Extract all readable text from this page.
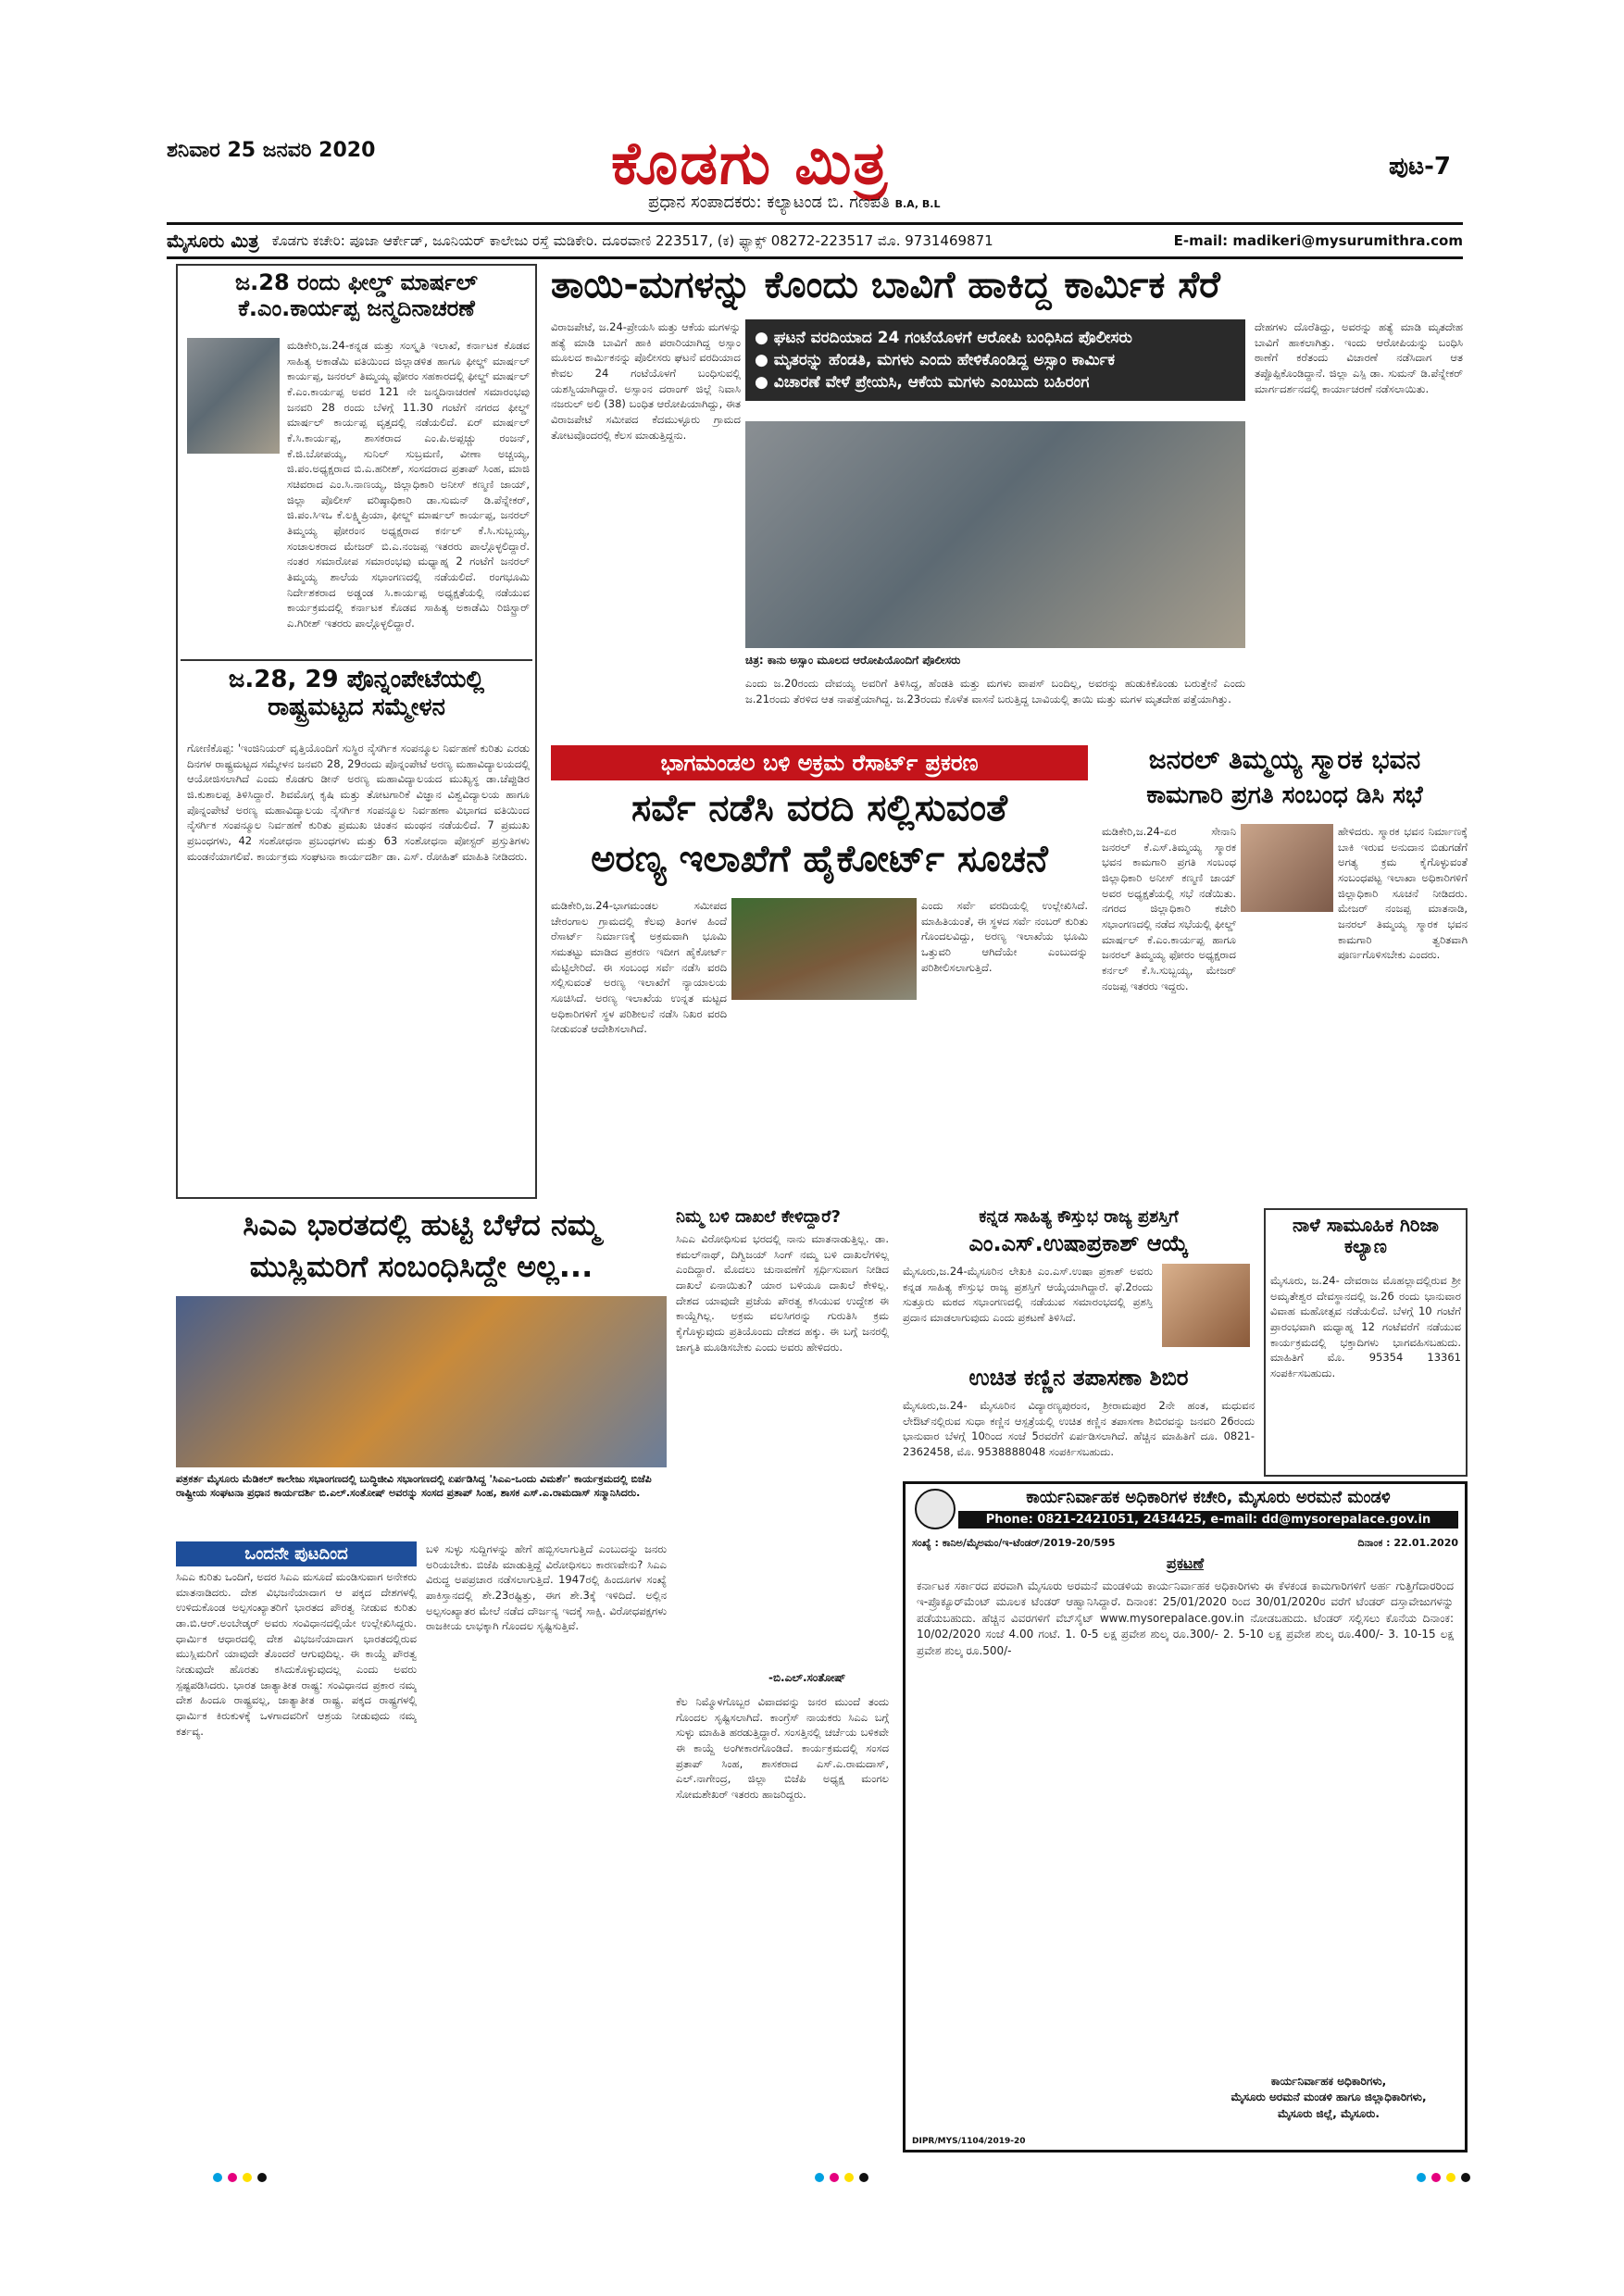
ಶನಿವಾರ 25 ಜನವರಿ 2020	ಕೊಡಗು ಮಿತ್ರ	ಪುಟ-7
ಪ್ರಧಾನ ಸಂಪಾದಕರು: ಕಲ್ಯಾಟಂಡ ಬಿ. ಗಣಪತಿ B.A, B.L
ಮೈಸೂರು ಮಿತ್ರ ಕೊಡಗು ಕಚೇರಿ: ಪೂಜಾ ಆರ್ಕೇಡ್, ಜೂನಿಯರ್ ಕಾಲೇಜು ರಸ್ತೆ ಮಡಿಕೇರಿ. ದೂರವಾಣಿ 223517, (ಕ) ಫ್ಯಾಕ್ಸ್ 08272-223517 ಮೊ. 9731469871	E-mail: madikeri@mysurumithra.com
ಜ.28 ರಂದು ಫೀಲ್ಡ್ ಮಾರ್ಷಲ್ ಕೆ.ಎಂ.ಕಾರ್ಯಪ್ಪ ಜನ್ಮದಿನಾಚರಣೆ
ಮಡಿಕೇರಿ,ಜ.24-ಕನ್ನಡ ಮತ್ತು ಸಂಸ್ಕೃತಿ ಇಲಾಖೆ, ಕರ್ನಾಟಕ ಕೊಡವ ಸಾಹಿತ್ಯ ಅಕಾಡೆಮಿ ವತಿಯಿಂದ ಜಿಲ್ಲಾಡಳಿತ ಹಾಗೂ ಫೀಲ್ಡ್ ಮಾರ್ಷಲ್ ಕಾರ್ಯಪ್ಪ, ಜನರಲ್ ತಿಮ್ಮಯ್ಯ ಫೋರಂ ಸಹಕಾರದಲ್ಲಿ ಫೀಲ್ಡ್ ಮಾರ್ಷಲ್ ಕೆ.ಎಂ.ಕಾರ್ಯಪ್ಪ ಅವರ 121 ನೇ ಜನ್ಮದಿನಾಚರಣೆ ಸಮಾರಂಭವು ಜನವರಿ 28 ರಂದು ಬೆಳಗ್ಗೆ 11.30 ಗಂಟೆಗೆ ನಗರದ ಫೀಲ್ಡ್ ಮಾರ್ಷಲ್ ಕಾರ್ಯಪ್ಪ ವೃತ್ತದಲ್ಲಿ ನಡೆಯಲಿದೆ. ಏರ್ ಮಾರ್ಷಲ್ ಕೆ.ಸಿ.ಕಾರ್ಯಪ್ಪ, ಶಾಸಕರಾದ ಎಂ.ಪಿ.ಅಪ್ಪಚ್ಚು ರಂಜನ್, ಕೆ.ಜಿ.ಬೋಪಯ್ಯ, ಸುನಿಲ್ ಸುಬ್ರಮಣಿ, ವೀಣಾ ಅಚ್ಚಯ್ಯ, ಜಿ.ಪಂ.ಅಧ್ಯಕ್ಷರಾದ ಬಿ.ಎ.ಹರೀಶ್, ಸಂಸದರಾದ ಪ್ರತಾಪ್ ಸಿಂಹ, ಮಾಜಿ ಸಚಿವರಾದ ಎಂ.ಸಿ.ನಾಣಯ್ಯ, ಜಿಲ್ಲಾಧಿಕಾರಿ ಅನೀಸ್ ಕಣ್ಮಣಿ ಜಾಯ್, ಜಿಲ್ಲಾ ಪೊಲೀಸ್ ವರಿಷ್ಠಾಧಿಕಾರಿ ಡಾ.ಸುಮನ್ ಡಿ.ಪೆನ್ನೇಕರ್, ಜಿ.ಪಂ.ಸಿಇಒ ಕೆ.ಲಕ್ಷ್ಮಿಪ್ರಿಯಾ, ಫೀಲ್ಡ್ ಮಾರ್ಷಲ್ ಕಾರ್ಯಪ್ಪ, ಜನರಲ್ ತಿಮ್ಮಯ್ಯ ಫೋರಂನ ಅಧ್ಯಕ್ಷರಾದ ಕರ್ನಲ್ ಕೆ.ಸಿ.ಸುಬ್ಬಯ್ಯ, ಸಂಚಾಲಕರಾದ ಮೇಜರ್ ಬಿ.ಎ.ನಂಜಪ್ಪ ಇತರರು ಪಾಲ್ಗೊಳ್ಳಲಿದ್ದಾರೆ. ನಂತರ ಸಮಾರೋಪ ಸಮಾರಂಭವು ಮಧ್ಯಾಹ್ನ 2 ಗಂಟೆಗೆ ಜನರಲ್ ತಿಮ್ಮಯ್ಯ ಶಾಲೆಯ ಸಭಾಂಗಣದಲ್ಲಿ ನಡೆಯಲಿದೆ. ರಂಗಭೂಮಿ ನಿರ್ದೇಶಕರಾದ ಅಡ್ಡಂಡ ಸಿ.ಕಾರ್ಯಪ್ಪ ಅಧ್ಯಕ್ಷತೆಯಲ್ಲಿ ನಡೆಯುವ ಕಾರ್ಯಕ್ರಮದಲ್ಲಿ ಕರ್ನಾಟಕ ಕೊಡವ ಸಾಹಿತ್ಯ ಅಕಾಡೆಮಿ ರಿಜಿಸ್ಟ್ರಾರ್ ಎ.ಗಿರೀಶ್ ಇತರರು ಪಾಲ್ಗೊಳ್ಳಲಿದ್ದಾರೆ.
ಜ.28, 29 ಪೊನ್ನಂಪೇಟೆಯಲ್ಲಿ ರಾಷ್ಟ್ರಮಟ್ಟದ ಸಮ್ಮೇಳನ
ಗೋಣಿಕೊಪ್ಪ: 'ಇಂಜಿನಿಯರ್ ವೃತ್ತಿಯೊಂದಿಗೆ ಸುಸ್ಥಿರ ನೈಸರ್ಗಿಕ ಸಂಪನ್ಮೂಲ ನಿರ್ವಹಣೆ ಕುರಿತು ಎರಡು ದಿನಗಳ ರಾಷ್ಟ್ರಮಟ್ಟದ ಸಮ್ಮೇಳನ ಜನವರಿ 28, 29ರಂದು ಪೊನ್ನಂಪೇಟೆ ಅರಣ್ಯ ಮಹಾವಿದ್ಯಾಲಯದಲ್ಲಿ ಆಯೋಜಿಸಲಾಗಿದೆ ಎಂದು ಕೊಡಗು ಡೀನ್ ಅರಣ್ಯ ಮಹಾವಿದ್ಯಾಲಯದ ಮುಖ್ಯಸ್ಥ ಡಾ.ಚೆಪ್ಪುಡಿರ ಜಿ.ಕುಶಾಲಪ್ಪ ತಿಳಿಸಿದ್ದಾರೆ. ಶಿವಮೊಗ್ಗ ಕೃಷಿ ಮತ್ತು ತೋಟಗಾರಿಕೆ ವಿಜ್ಞಾನ ವಿಶ್ವವಿದ್ಯಾಲಯ ಹಾಗೂ ಪೊನ್ನಂಪೇಟೆ ಅರಣ್ಯ ಮಹಾವಿದ್ಯಾಲಯ ನೈಸರ್ಗಿಕ ಸಂಪನ್ಮೂಲ ನಿರ್ವಹಣಾ ವಿಭಾಗದ ವತಿಯಿಂದ ನೈಸರ್ಗಿಕ ಸಂಪನ್ಮೂಲ ನಿರ್ವಹಣೆ ಕುರಿತು ಪ್ರಮುಖ ಚಿಂತನ ಮಂಥನ ನಡೆಯಲಿದೆ. 7 ಪ್ರಮುಖ ಪ್ರಬಂಧಗಳು, 42 ಸಂಶೋಧನಾ ಪ್ರಬಂಧಗಳು ಮತ್ತು 63 ಸಂಶೋಧನಾ ಪೋಸ್ಟರ್ ಪ್ರಸ್ತುತಿಗಳು ಮಂಡನೆಯಾಗಲಿವೆ. ಕಾರ್ಯಕ್ರಮ ಸಂಘಟನಾ ಕಾರ್ಯದರ್ಶಿ ಡಾ. ಎಸ್. ರೋಹಿತ್ ಮಾಹಿತಿ ನೀಡಿದರು.
ತಾಯಿ-ಮಗಳನ್ನು ಕೊಂದು ಬಾವಿಗೆ ಹಾಕಿದ್ದ ಕಾರ್ಮಿಕ ಸೆರೆ
ವಿರಾಜಪೇಟೆ, ಜ.24-ಪ್ರೇಯಸಿ ಮತ್ತು ಆಕೆಯ ಮಗಳನ್ನು ಹತ್ಯೆ ಮಾಡಿ ಬಾವಿಗೆ ಹಾಕಿ ಪರಾರಿಯಾಗಿದ್ದ ಅಸ್ಸಾಂ ಮೂಲದ ಕಾರ್ಮಿಕನನ್ನು ಪೊಲೀಸರು ಘಟನೆ ವರದಿಯಾದ ಕೇವಲ 24 ಗಂಟೆಯೊಳಗೆ ಬಂಧಿಸುವಲ್ಲಿ ಯಶಸ್ವಿಯಾಗಿದ್ದಾರೆ. ಅಸ್ಸಾಂನ ದರಾಂಗ್ ಜಿಲ್ಲೆ ನಿವಾಸಿ ನಜರುಲ್ ಅಲಿ (38) ಬಂಧಿತ ಆರೋಪಿಯಾಗಿದ್ದು, ಈತ ವಿರಾಜಪೇಟೆ ಸಮೀಪದ ಕೆದಮುಳ್ಳೂರು ಗ್ರಾಮದ ತೋಟವೊಂದರಲ್ಲಿ ಕೆಲಸ ಮಾಡುತ್ತಿದ್ದನು.
● ಘಟನೆ ವರದಿಯಾದ 24 ಗಂಟೆಯೊಳಗೆ ಆರೋಪಿ ಬಂಧಿಸಿದ ಪೊಲೀಸರು
● ಮೃತರನ್ನು ಹೆಂಡತಿ, ಮಗಳು ಎಂದು ಹೇಳಿಕೊಂಡಿದ್ದ ಅಸ್ಸಾಂ ಕಾರ್ಮಿಕ
● ವಿಚಾರಣೆ ವೇಳೆ ಪ್ರೇಯಸಿ, ಆಕೆಯ ಮಗಳು ಎಂಬುದು ಬಹಿರಂಗ
ದೇಹಗಳು ದೊರೆತಿದ್ದು, ಅವರನ್ನು ಹತ್ಯೆ ಮಾಡಿ ಮೃತದೇಹ ಬಾವಿಗೆ ಹಾಕಲಾಗಿತ್ತು. ಇಂದು ಆರೋಪಿಯನ್ನು ಬಂಧಿಸಿ ಠಾಣೆಗೆ ಕರೆತಂದು ವಿಚಾರಣೆ ನಡೆಸಿದಾಗ ಆತ ತಪ್ಪೊಪ್ಪಿಕೊಂಡಿದ್ದಾನೆ. ಜಿಲ್ಲಾ ಎಸ್ಪಿ ಡಾ. ಸುಮನ್ ಡಿ.ಪೆನ್ನೇಕರ್ ಮಾರ್ಗದರ್ಶನದಲ್ಲಿ ಕಾರ್ಯಾಚರಣೆ ನಡೆಸಲಾಯಿತು.
ಚಿತ್ರ: ಕಾನು ಅಸ್ಸಾಂ ಮೂಲದ ಆರೋಪಿಯೊಂದಿಗೆ ಪೊಲೀಸರು
ಎಂದು ಜ.20ರಂದು ದೇವಯ್ಯ ಅವರಿಗೆ ತಿಳಿಸಿದ್ದ, ಹೆಂಡತಿ ಮತ್ತು ಮಗಳು ವಾಪಸ್ ಬಂದಿಲ್ಲ, ಅವರನ್ನು ಹುಡುಕಿಕೊಂಡು ಬರುತ್ತೇನೆ ಎಂದು ಜ.21ರಂದು ತೆರಳಿದ ಆತ ನಾಪತ್ತೆಯಾಗಿದ್ದ. ಜ.23ರಂದು ಕೊಳೆತ ವಾಸನೆ ಬರುತ್ತಿದ್ದ ಬಾವಿಯಲ್ಲಿ ತಾಯಿ ಮತ್ತು ಮಗಳ ಮೃತದೇಹ ಪತ್ತೆಯಾಗಿತ್ತು.
ಭಾಗಮಂಡಲ ಬಳಿ ಅಕ್ರಮ ರೆಸಾರ್ಟ್ ಪ್ರಕರಣ
ಸರ್ವೆ ನಡೆಸಿ ವರದಿ ಸಲ್ಲಿಸುವಂತೆ
ಅರಣ್ಯ ಇಲಾಖೆಗೆ ಹೈಕೋರ್ಟ್ ಸೂಚನೆ
ಮಡಿಕೇರಿ,ಜ.24-ಭಾಗಮಂಡಲ ಸಮೀಪದ ಚೇರಂಗಾಲ ಗ್ರಾಮದಲ್ಲಿ ಕೆಲವು ತಿಂಗಳ ಹಿಂದೆ ರೆಸಾರ್ಟ್ ನಿರ್ಮಾಣಕ್ಕೆ ಅಕ್ರಮವಾಗಿ ಭೂಮಿ ಸಮತಟ್ಟು ಮಾಡಿದ ಪ್ರಕರಣ ಇದೀಗ ಹೈಕೋರ್ಟ್ ಮೆಟ್ಟಿಲೇರಿದೆ. ಈ ಸಂಬಂಧ ಸರ್ವೆ ನಡೆಸಿ ವರದಿ ಸಲ್ಲಿಸುವಂತೆ ಅರಣ್ಯ ಇಲಾಖೆಗೆ ನ್ಯಾಯಾಲಯ ಸೂಚಿಸಿದೆ. ಅರಣ್ಯ ಇಲಾಖೆಯ ಉನ್ನತ ಮಟ್ಟದ ಅಧಿಕಾರಿಗಳಿಗೆ ಸ್ಥಳ ಪರಿಶೀಲನೆ ನಡೆಸಿ ನಿಖರ ವರದಿ ನೀಡುವಂತೆ ಆದೇಶಿಸಲಾಗಿದೆ.
ಎಂದು ಸರ್ವೆ ವರದಿಯಲ್ಲಿ ಉಲ್ಲೇಖಿಸಿದೆ. ಮಾಹಿತಿಯಂತೆ, ಈ ಸ್ಥಳದ ಸರ್ವೆ ನಂಬರ್ ಕುರಿತು ಗೊಂದಲವಿದ್ದು, ಅರಣ್ಯ ಇಲಾಖೆಯ ಭೂಮಿ ಒತ್ತುವರಿ ಆಗಿದೆಯೇ ಎಂಬುದನ್ನು ಪರಿಶೀಲಿಸಲಾಗುತ್ತಿದೆ.
ಜನರಲ್ ತಿಮ್ಮಯ್ಯ ಸ್ಮಾರಕ ಭವನ
ಕಾಮಗಾರಿ ಪ್ರಗತಿ ಸಂಬಂಧ ಡಿಸಿ ಸಭೆ
ಮಡಿಕೇರಿ,ಜ.24-ಏರ ಸೇನಾನಿ ಜನರಲ್ ಕೆ.ಎಸ್.ತಿಮ್ಮಯ್ಯ ಸ್ಮಾರಕ ಭವನ ಕಾಮಗಾರಿ ಪ್ರಗತಿ ಸಂಬಂಧ ಜಿಲ್ಲಾಧಿಕಾರಿ ಅನೀಸ್ ಕಣ್ಮಣಿ ಜಾಯ್ ಅವರ ಅಧ್ಯಕ್ಷತೆಯಲ್ಲಿ ಸಭೆ ನಡೆಯಿತು. ನಗರದ ಜಿಲ್ಲಾಧಿಕಾರಿ ಕಚೇರಿ ಸಭಾಂಗಣದಲ್ಲಿ ನಡೆದ ಸಭೆಯಲ್ಲಿ ಫೀಲ್ಡ್ ಮಾರ್ಷಲ್ ಕೆ.ಎಂ.ಕಾರ್ಯಪ್ಪ ಹಾಗೂ ಜನರಲ್ ತಿಮ್ಮಯ್ಯ ಫೋರಂ ಅಧ್ಯಕ್ಷರಾದ ಕರ್ನಲ್ ಕೆ.ಸಿ.ಸುಬ್ಬಯ್ಯ, ಮೇಜರ್ ನಂಜಪ್ಪ ಇತರರು ಇದ್ದರು.
ಹೇಳಿದರು. ಸ್ಮಾರಕ ಭವನ ನಿರ್ಮಾಣಕ್ಕೆ ಬಾಕಿ ಇರುವ ಅನುದಾನ ಬಿಡುಗಡೆಗೆ ಅಗತ್ಯ ಕ್ರಮ ಕೈಗೊಳ್ಳುವಂತೆ ಸಂಬಂಧಪಟ್ಟ ಇಲಾಖಾ ಅಧಿಕಾರಿಗಳಿಗೆ ಜಿಲ್ಲಾಧಿಕಾರಿ ಸೂಚನೆ ನೀಡಿದರು. ಮೇಜರ್ ನಂಜಪ್ಪ ಮಾತನಾಡಿ, ಜನರಲ್ ತಿಮ್ಮಯ್ಯ ಸ್ಮಾರಕ ಭವನ ಕಾಮಗಾರಿ ತ್ವರಿತವಾಗಿ ಪೂರ್ಣಗೊಳಿಸಬೇಕು ಎಂದರು.
ಸಿಎಎ ಭಾರತದಲ್ಲಿ ಹುಟ್ಟಿ ಬೆಳೆದ ನಮ್ಮ
ಮುಸ್ಲಿಮರಿಗೆ ಸಂಬಂಧಿಸಿದ್ದೇ ಅಲ್ಲ...
ಪತ್ರಕರ್ತ ಮೈಸೂರು ಮೆಡಿಕಲ್ ಕಾಲೇಜು ಸಭಾಂಗಣದಲ್ಲಿ ಬುದ್ಧಿಜೀವಿ ಸಭಾಂಗಣದಲ್ಲಿ ಏರ್ಪಡಿಸಿದ್ದ 'ಸಿಎಎ-ಒಂದು ವಿಮರ್ಶೆ' ಕಾರ್ಯಕ್ರಮದಲ್ಲಿ ಬಿಜೆಪಿ ರಾಷ್ಟ್ರೀಯ ಸಂಘಟನಾ ಪ್ರಧಾನ ಕಾರ್ಯದರ್ಶಿ ಬಿ.ಎಲ್.ಸಂತೋಷ್ ಅವರನ್ನು ಸಂಸದ ಪ್ರತಾಪ್ ಸಿಂಹ, ಶಾಸಕ ಎಸ್.ಎ.ರಾಮದಾಸ್ ಸನ್ಮಾನಿಸಿದರು.
ಒಂದನೇ ಪುಟದಿಂದ
ಸಿಎಎ ಕುರಿತು ಒಂದಿಗೆ, ಅದರ ಸಿಎಎ ಮಸೂದೆ ಮಂಡಿಸುವಾಗ ಅನೇಕರು ಮಾತನಾಡಿದರು. ದೇಶ ವಿಭಜನೆಯಾದಾಗ ಆ ಪಕ್ಕದ ದೇಶಗಳಲ್ಲಿ ಉಳಿದುಕೊಂಡ ಅಲ್ಪಸಂಖ್ಯಾತರಿಗೆ ಭಾರತದ ಪೌರತ್ವ ನೀಡುವ ಕುರಿತು ಡಾ.ಬಿ.ಆರ್.ಅಂಬೇಡ್ಕರ್ ಅವರು ಸಂವಿಧಾನದಲ್ಲಿಯೇ ಉಲ್ಲೇಖಿಸಿದ್ದರು. ಧಾರ್ಮಿಕ ಆಧಾರದಲ್ಲಿ ದೇಶ ವಿಭಜನೆಯಾದಾಗ ಭಾರತದಲ್ಲಿರುವ ಮುಸ್ಲಿಮರಿಗೆ ಯಾವುದೇ ತೊಂದರೆ ಆಗುವುದಿಲ್ಲ. ಈ ಕಾಯ್ದೆ ಪೌರತ್ವ ನೀಡುವುದೇ ಹೊರತು ಕಸಿದುಕೊಳ್ಳುವುದಲ್ಲ ಎಂದು ಅವರು ಸ್ಪಷ್ಟಪಡಿಸಿದರು. ಭಾರತ ಜಾತ್ಯಾತೀತ ರಾಷ್ಟ್ರ: ಸಂವಿಧಾನದ ಪ್ರಕಾರ ನಮ್ಮ ದೇಶ ಹಿಂದೂ ರಾಷ್ಟ್ರವಲ್ಲ, ಜಾತ್ಯಾತೀತ ರಾಷ್ಟ್ರ. ಪಕ್ಕದ ರಾಷ್ಟ್ರಗಳಲ್ಲಿ ಧಾರ್ಮಿಕ ಕಿರುಕುಳಕ್ಕೆ ಒಳಗಾದವರಿಗೆ ಆಶ್ರಯ ನೀಡುವುದು ನಮ್ಮ ಕರ್ತವ್ಯ.
ಬಳಿ ಸುಳ್ಳು ಸುದ್ದಿಗಳನ್ನು ಹೇಗೆ ಹಬ್ಬಿಸಲಾಗುತ್ತಿದೆ ಎಂಬುದನ್ನು ಜನರು ಅರಿಯಬೇಕು. ಬಿಜೆಪಿ ಮಾಡುತ್ತಿದ್ದೆ ವಿರೋಧಿಸಲು ಕಾರಣವೇನು? ಸಿಎಎ ವಿರುದ್ಧ ಅಪಪ್ರಚಾರ ನಡೆಸಲಾಗುತ್ತಿದೆ. 1947ರಲ್ಲಿ ಹಿಂದೂಗಳ ಸಂಖ್ಯೆ ಪಾಕಿಸ್ತಾನದಲ್ಲಿ ಶೇ.23ರಷ್ಟಿತ್ತು, ಈಗ ಶೇ.3ಕ್ಕೆ ಇಳಿದಿದೆ. ಅಲ್ಲಿನ ಅಲ್ಪಸಂಖ್ಯಾತರ ಮೇಲೆ ನಡೆದ ದೌರ್ಜನ್ಯ ಇದಕ್ಕೆ ಸಾಕ್ಷಿ. ವಿರೋಧಪಕ್ಷಗಳು ರಾಜಕೀಯ ಲಾಭಕ್ಕಾಗಿ ಗೊಂದಲ ಸೃಷ್ಟಿಸುತ್ತಿವೆ.
ನಿಮ್ಮ ಬಳಿ ದಾಖಲೆ ಕೇಳಿದ್ದಾರೆ?
ಸಿಎಎ ವಿರೋಧಿಸುವ ಭರದಲ್ಲಿ ನಾನು ಮಾತನಾಡುತ್ತಿಲ್ಲ. ಡಾ. ಕಮಲ್‌ನಾಥ್, ದಿಗ್ವಿಜಯ್ ಸಿಂಗ್ ನಮ್ಮ ಬಳಿ ದಾಖಲೆಗಳಿಲ್ಲ ಎಂದಿದ್ದಾರೆ. ಮೊದಲು ಚುನಾವಣೆಗೆ ಸ್ಪರ್ಧಿಸುವಾಗ ನೀಡಿದ ದಾಖಲೆ ಏನಾಯಿತು? ಯಾರ ಬಳಿಯೂ ದಾಖಲೆ ಕೇಳಿಲ್ಲ. ದೇಶದ ಯಾವುದೇ ಪ್ರಜೆಯ ಪೌರತ್ವ ಕಸಿಯುವ ಉದ್ದೇಶ ಈ ಕಾಯ್ದೆಗಿಲ್ಲ. ಅಕ್ರಮ ವಲಸಿಗರನ್ನು ಗುರುತಿಸಿ ಕ್ರಮ ಕೈಗೊಳ್ಳುವುದು ಪ್ರತಿಯೊಂದು ದೇಶದ ಹಕ್ಕು. ಈ ಬಗ್ಗೆ ಜನರಲ್ಲಿ ಜಾಗೃತಿ ಮೂಡಿಸಬೇಕು ಎಂದು ಅವರು ಹೇಳಿದರು.
-ಬಿ.ಎಲ್.ಸಂತೋಷ್
ಕೆಲ ನಿಮ್ಮೊಳಗೊಬ್ಬರ ವಿವಾದವನ್ನು ಜನರ ಮುಂದೆ ತಂದು ಗೊಂದಲ ಸೃಷ್ಟಿಸಲಾಗಿದೆ. ಕಾಂಗ್ರೆಸ್ ನಾಯಕರು ಸಿಎಎ ಬಗ್ಗೆ ಸುಳ್ಳು ಮಾಹಿತಿ ಹರಡುತ್ತಿದ್ದಾರೆ. ಸಂಸತ್ತಿನಲ್ಲಿ ಚರ್ಚೆಯ ಬಳಿಕವೇ ಈ ಕಾಯ್ದೆ ಅಂಗೀಕಾರಗೊಂಡಿದೆ. ಕಾರ್ಯಕ್ರಮದಲ್ಲಿ ಸಂಸದ ಪ್ರತಾಪ್ ಸಿಂಹ, ಶಾಸಕರಾದ ಎಸ್.ಎ.ರಾಮದಾಸ್, ಎಲ್.ನಾಗೇಂದ್ರ, ಜಿಲ್ಲಾ ಬಿಜೆಪಿ ಅಧ್ಯಕ್ಷ ಮಂಗಲ ಸೋಮಶೇಖರ್ ಇತರರು ಹಾಜರಿದ್ದರು.
ಕನ್ನಡ ಸಾಹಿತ್ಯ ಕೌಸ್ತುಭ ರಾಜ್ಯ ಪ್ರಶಸ್ತಿಗೆ
ಎಂ.ಎಸ್.ಉಷಾಪ್ರಕಾಶ್ ಆಯ್ಕೆ
ಮೈಸೂರು,ಜ.24-ಮೈಸೂರಿನ ಲೇಖಕಿ ಎಂ.ಎಸ್.ಉಷಾ ಪ್ರಕಾಶ್ ಅವರು ಕನ್ನಡ ಸಾಹಿತ್ಯ ಕೌಸ್ತುಭ ರಾಜ್ಯ ಪ್ರಶಸ್ತಿಗೆ ಆಯ್ಕೆಯಾಗಿದ್ದಾರೆ. ಫೆ.2ರಂದು ಸುತ್ತೂರು ಮಠದ ಸಭಾಂಗಣದಲ್ಲಿ ನಡೆಯುವ ಸಮಾರಂಭದಲ್ಲಿ ಪ್ರಶಸ್ತಿ ಪ್ರದಾನ ಮಾಡಲಾಗುವುದು ಎಂದು ಪ್ರಕಟಣೆ ತಿಳಿಸಿದೆ.
ಉಚಿತ ಕಣ್ಣಿನ ತಪಾಸಣಾ ಶಿಬಿರ
ಮೈಸೂರು,ಜ.24- ಮೈಸೂರಿನ ವಿದ್ಯಾರಣ್ಯಪುರಂನ, ಶ್ರೀರಾಮಪುರ 2ನೇ ಹಂತ, ಮಧುವನ ಲೇಔಟ್‌ನಲ್ಲಿರುವ ಸುಧಾ ಕಣ್ಣಿನ ಆಸ್ಪತ್ರೆಯಲ್ಲಿ ಉಚಿತ ಕಣ್ಣಿನ ತಪಾಸಣಾ ಶಿಬಿರವನ್ನು ಜನವರಿ 26ರಂದು ಭಾನುವಾರ ಬೆಳಗ್ಗೆ 10ರಿಂದ ಸಂಜೆ 5ರವರೆಗೆ ಏರ್ಪಡಿಸಲಾಗಿದೆ. ಹೆಚ್ಚಿನ ಮಾಹಿತಿಗೆ ದೂ. 0821-2362458, ಮೊ. 9538888048 ಸಂಪರ್ಕಿಸಬಹುದು.
ನಾಳೆ ಸಾಮೂಹಿಕ ಗಿರಿಜಾ ಕಲ್ಯಾಣ
ಮೈಸೂರು, ಜ.24- ದೇವರಾಜ ಮೊಹಲ್ಲಾದಲ್ಲಿರುವ ಶ್ರೀ ಅಮೃತೇಶ್ವರ ದೇವಸ್ಥಾನದಲ್ಲಿ ಜ.26 ರಂದು ಭಾನುವಾರ ವಿವಾಹ ಮಹೋತ್ಸವ ನಡೆಯಲಿದೆ. ಬೆಳಗ್ಗೆ 10 ಗಂಟೆಗೆ ಪ್ರಾರಂಭವಾಗಿ ಮಧ್ಯಾಹ್ನ 12 ಗಂಟೆವರೆಗೆ ನಡೆಯುವ ಕಾರ್ಯಕ್ರಮದಲ್ಲಿ ಭಕ್ತಾದಿಗಳು ಭಾಗವಹಿಸಬಹುದು. ಮಾಹಿತಿಗೆ ಮೊ. 95354 13361 ಸಂಪರ್ಕಿಸಬಹುದು.
ಕಾರ್ಯನಿರ್ವಾಹಕ ಅಧಿಕಾರಿಗಳ ಕಚೇರಿ, ಮೈಸೂರು ಅರಮನೆ ಮಂಡಳಿ
Phone: 0821-2421051, 2434425, e-mail: dd@mysorepalace.gov.in
ಸಂಖ್ಯೆ : ಕಾನಿಅ/ಮೈಅಮಂ/ಇ-ಟೆಂಡರ್/2019-20/595	ದಿನಾಂಕ : 22.01.2020
ಪ್ರಕಟಣೆ
ಕರ್ನಾಟಕ ಸರ್ಕಾರದ ಪರವಾಗಿ ಮೈಸೂರು ಅರಮನೆ ಮಂಡಳಿಯ ಕಾರ್ಯನಿರ್ವಾಹಕ ಅಧಿಕಾರಿಗಳು ಈ ಕೆಳಕಂಡ ಕಾಮಗಾರಿಗಳಿಗೆ ಅರ್ಹ ಗುತ್ತಿಗೆದಾರರಿಂದ ಇ-ಪ್ರೊಕ್ಯೂರ್‌ಮೆಂಟ್ ಮೂಲಕ ಟೆಂಡರ್ ಆಹ್ವಾನಿಸಿದ್ದಾರೆ. ದಿನಾಂಕ: 25/01/2020 ರಿಂದ 30/01/2020ರ ವರೆಗೆ ಟೆಂಡರ್ ದಸ್ತಾವೇಜುಗಳನ್ನು ಪಡೆಯಬಹುದು. ಹೆಚ್ಚಿನ ವಿವರಗಳಿಗೆ ವೆಬ್‌ಸೈಟ್ www.mysorepalace.gov.in ನೋಡಬಹುದು. ಟೆಂಡರ್ ಸಲ್ಲಿಸಲು ಕೊನೆಯ ದಿನಾಂಕ: 10/02/2020 ಸಂಜೆ 4.00 ಗಂಟೆ. 1. 0-5 ಲಕ್ಷ ಪ್ರವೇಶ ಶುಲ್ಕ ರೂ.300/- 2. 5-10 ಲಕ್ಷ ಪ್ರವೇಶ ಶುಲ್ಕ ರೂ.400/- 3. 10-15 ಲಕ್ಷ ಪ್ರವೇಶ ಶುಲ್ಕ ರೂ.500/-
ಕಾರ್ಯನಿರ್ವಾಹಕ ಅಧಿಕಾರಿಗಳು,
ಮೈಸೂರು ಅರಮನೆ ಮಂಡಳಿ ಹಾಗೂ ಜಿಲ್ಲಾಧಿಕಾರಿಗಳು,
ಮೈಸೂರು ಜಿಲ್ಲೆ, ಮೈಸೂರು.
DIPR/MYS/1104/2019-20
